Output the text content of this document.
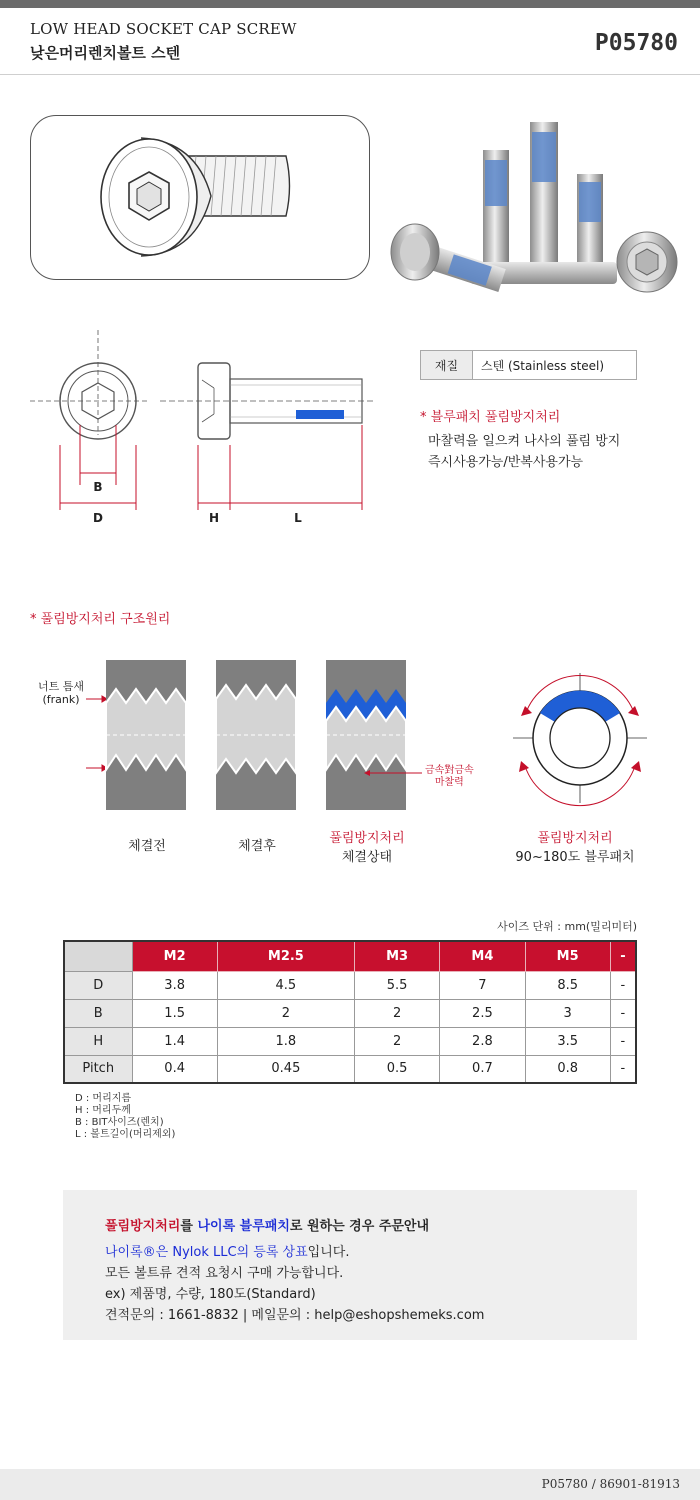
LOW HEAD SOCKET CAP SCREW
낮은머리렌치볼트 스텐	P05780
B
D	H	L
재질	스텐 (Stainless steel)
* 블루패치 풀림방지처리
마찰력을 일으켜 나사의 풀림 방지
즉시사용가능/반복사용가능
* 풀림방지처리 구조원리
너트 틈새
(frank)
금속對금속
마찰력
체결전	체결후
풀림방지처리
체결상태
풀림방지처리
90~180도 블루패치
사이즈 단위 : mm(밀리미터)
	M2	M2.5	M3	M4	M5	-
D	3.8	4.5	5.5	7	8.5	-
B	1.5	2	2	2.5	3	-
H	1.4	1.8	2	2.8	3.5	-
Pitch	0.4	0.45	0.5	0.7	0.8	-
D : 머리지름
H : 머리두께
B : BIT사이즈(렌치)
L : 볼트길이(머리제외)
풀림방지처리를 나이록 블루패치로 원하는 경우 주문안내
나이록®은 Nylok LLC의 등록 상표입니다.
모든 볼트류 견적 요청시 구매 가능합니다.
ex) 제품명, 수량, 180도(Standard)
견적문의 : 1661-8832 | 메일문의 : help@eshopshemeks.com
P05780 / 86901-81913
